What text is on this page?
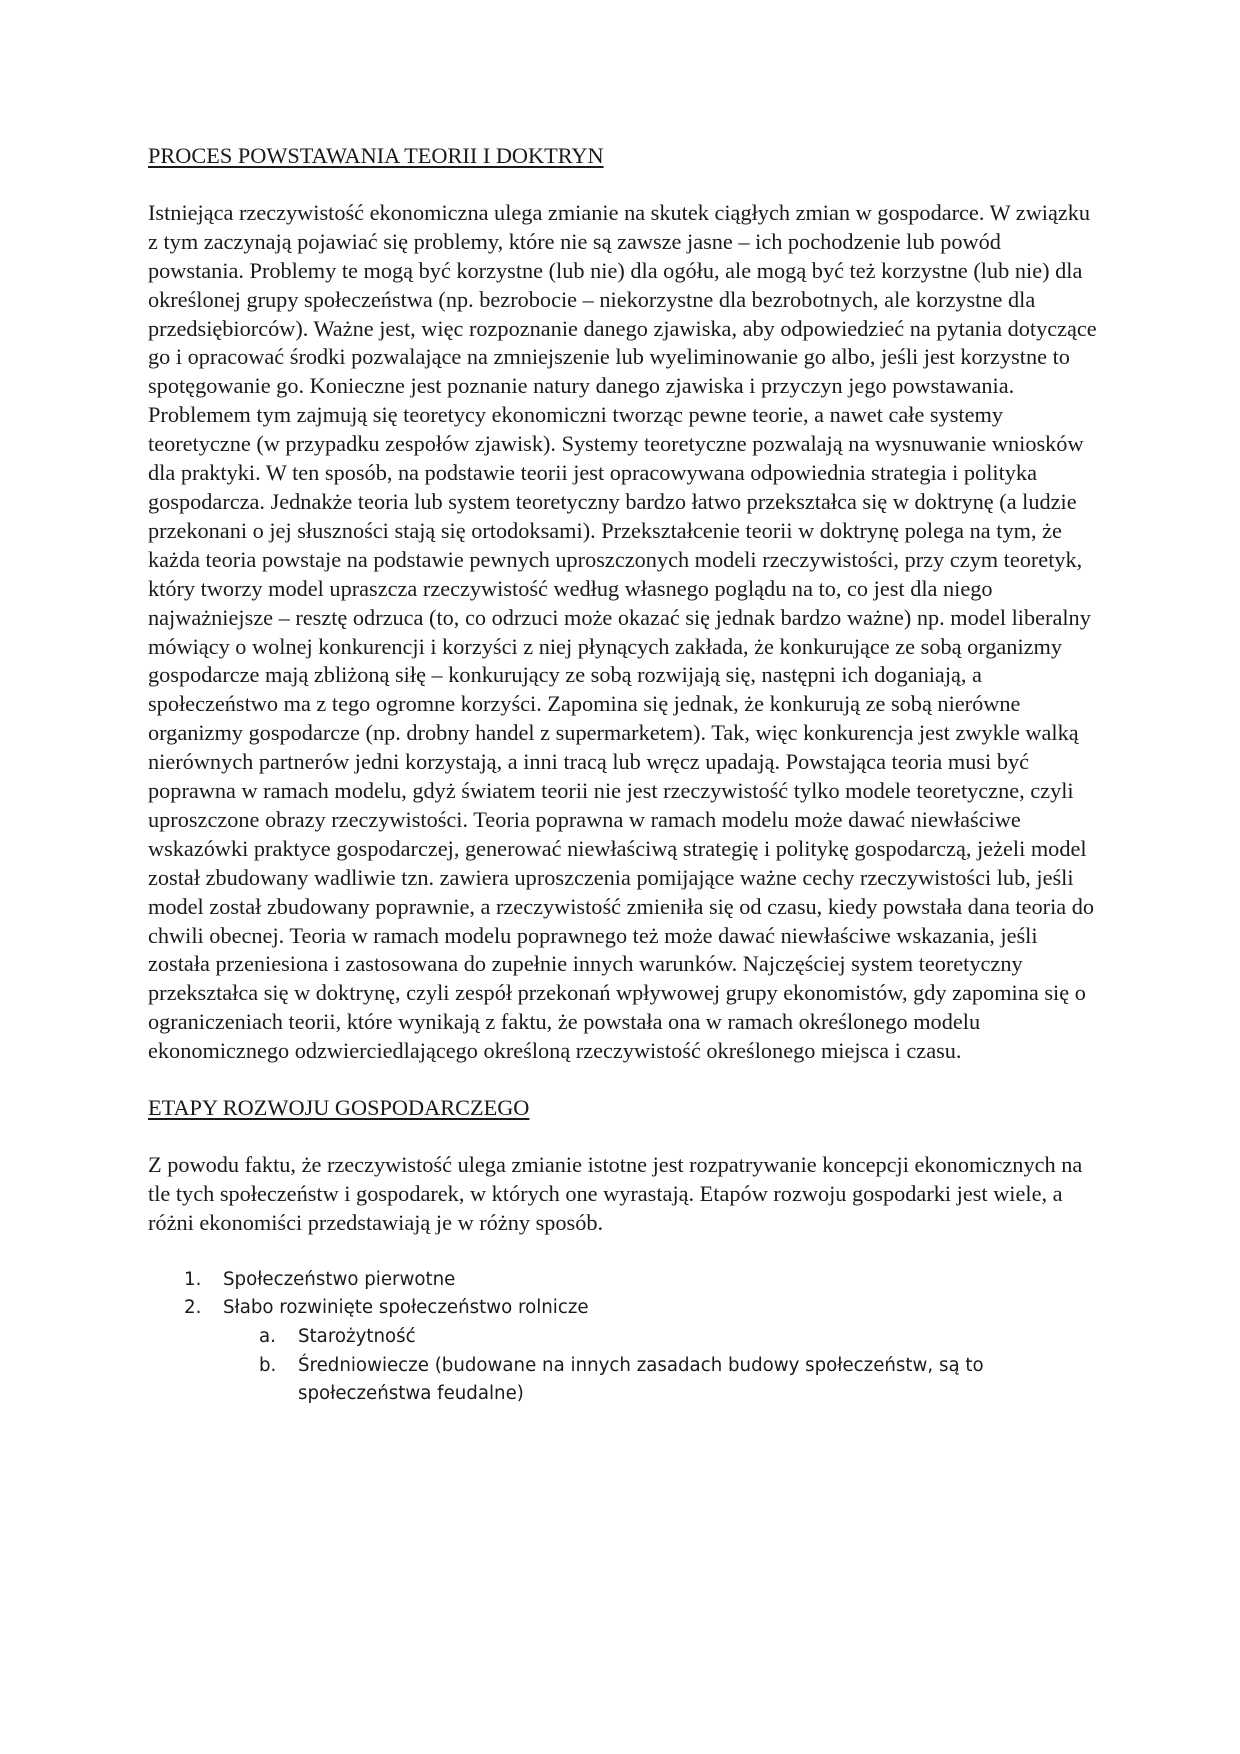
PROCES POWSTAWANIA TEORII I DOKTRYN

Istniejąca rzeczywistość ekonomiczna ulega zmianie na skutek ciągłych zmian w gospodarce. W związku z tym zaczynają pojawiać się problemy, które nie są zawsze jasne – ich pochodzenie lub powód powstania. Problemy te mogą być korzystne (lub nie) dla ogółu, ale mogą być też korzystne (lub nie) dla określonej grupy społeczeństwa (np. bezrobocie – niekorzystne dla bezrobotnych, ale korzystne dla przedsiębiorców). Ważne jest, więc rozpoznanie danego zjawiska, aby odpowiedzieć na pytania dotyczące go i opracować środki pozwalające na zmniejszenie lub wyeliminowanie go albo, jeśli jest korzystne to spotęgowanie go. Konieczne jest poznanie natury danego zjawiska i przyczyn jego powstawania. Problemem tym zajmują się teoretycy ekonomiczni tworząc pewne teorie, a nawet całe systemy teoretyczne (w przypadku zespołów zjawisk). Systemy teoretyczne pozwalają na wysnuwanie wniosków dla praktyki. W ten sposób, na podstawie teorii jest opracowywana odpowiednia strategia i polityka gospodarcza. Jednakże teoria lub system teoretyczny bardzo łatwo przekształca się w doktrynę (a ludzie przekonani o jej słuszności stają się ortodoksami). Przekształcenie teorii w doktrynę polega na tym, że każda teoria powstaje na podstawie pewnych uproszczonych modeli rzeczywistości, przy czym teoretyk, który tworzy model upraszcza rzeczywistość według własnego poglądu na to, co jest dla niego najważniejsze – resztę odrzuca (to, co odrzuci może okazać się jednak bardzo ważne) np. model liberalny mówiący o wolnej konkurencji i korzyści z niej płynących zakłada, że konkurujące ze sobą organizmy gospodarcze mają zbliżoną siłę – konkurujący ze sobą rozwijają się, następni ich doganiają, a społeczeństwo ma z tego ogromne korzyści. Zapomina się jednak, że konkurują ze sobą nierówne organizmy gospodarcze (np. drobny handel z supermarketem). Tak, więc konkurencja jest zwykle walką nierównych partnerów jedni korzystają, a inni tracą lub wręcz upadają. Powstająca teoria musi być poprawna w ramach modelu, gdyż światem teorii nie jest rzeczywistość tylko modele teoretyczne, czyli uproszczone obrazy rzeczywistości. Teoria poprawna w ramach modelu może dawać niewłaściwe wskazówki praktyce gospodarczej, generować niewłaściwą strategię i politykę gospodarczą, jeżeli model został zbudowany wadliwie tzn. zawiera uproszczenia pomijające ważne cechy rzeczywistości lub, jeśli model został zbudowany poprawnie, a rzeczywistość zmieniła się od czasu, kiedy powstała dana teoria do chwili obecnej. Teoria w ramach modelu poprawnego też może dawać niewłaściwe wskazania, jeśli została przeniesiona i zastosowana do zupełnie innych warunków. Najczęściej system teoretyczny przekształca się w doktrynę, czyli zespół przekonań wpływowej grupy ekonomistów, gdy zapomina się o ograniczeniach teorii, które wynikają z faktu, że powstała ona w ramach określonego modelu ekonomicznego odzwierciedlającego określoną rzeczywistość określonego miejsca i czasu.

ETAPY ROZWOJU GOSPODARCZEGO

Z powodu faktu, że rzeczywistość ulega zmianie istotne jest rozpatrywanie koncepcji ekonomicznych na tle tych społeczeństw i gospodarek, w których one wyrastają. Etapów rozwoju gospodarki jest wiele, a różni ekonomiści przedstawiają je w różny sposób.

1. Społeczeństwo pierwotne
2. Słabo rozwinięte społeczeństwo rolnicze
a. Starożytność
b. Średniowiecze (budowane na innych zasadach budowy społeczeństw, są to społeczeństwa feudalne)
